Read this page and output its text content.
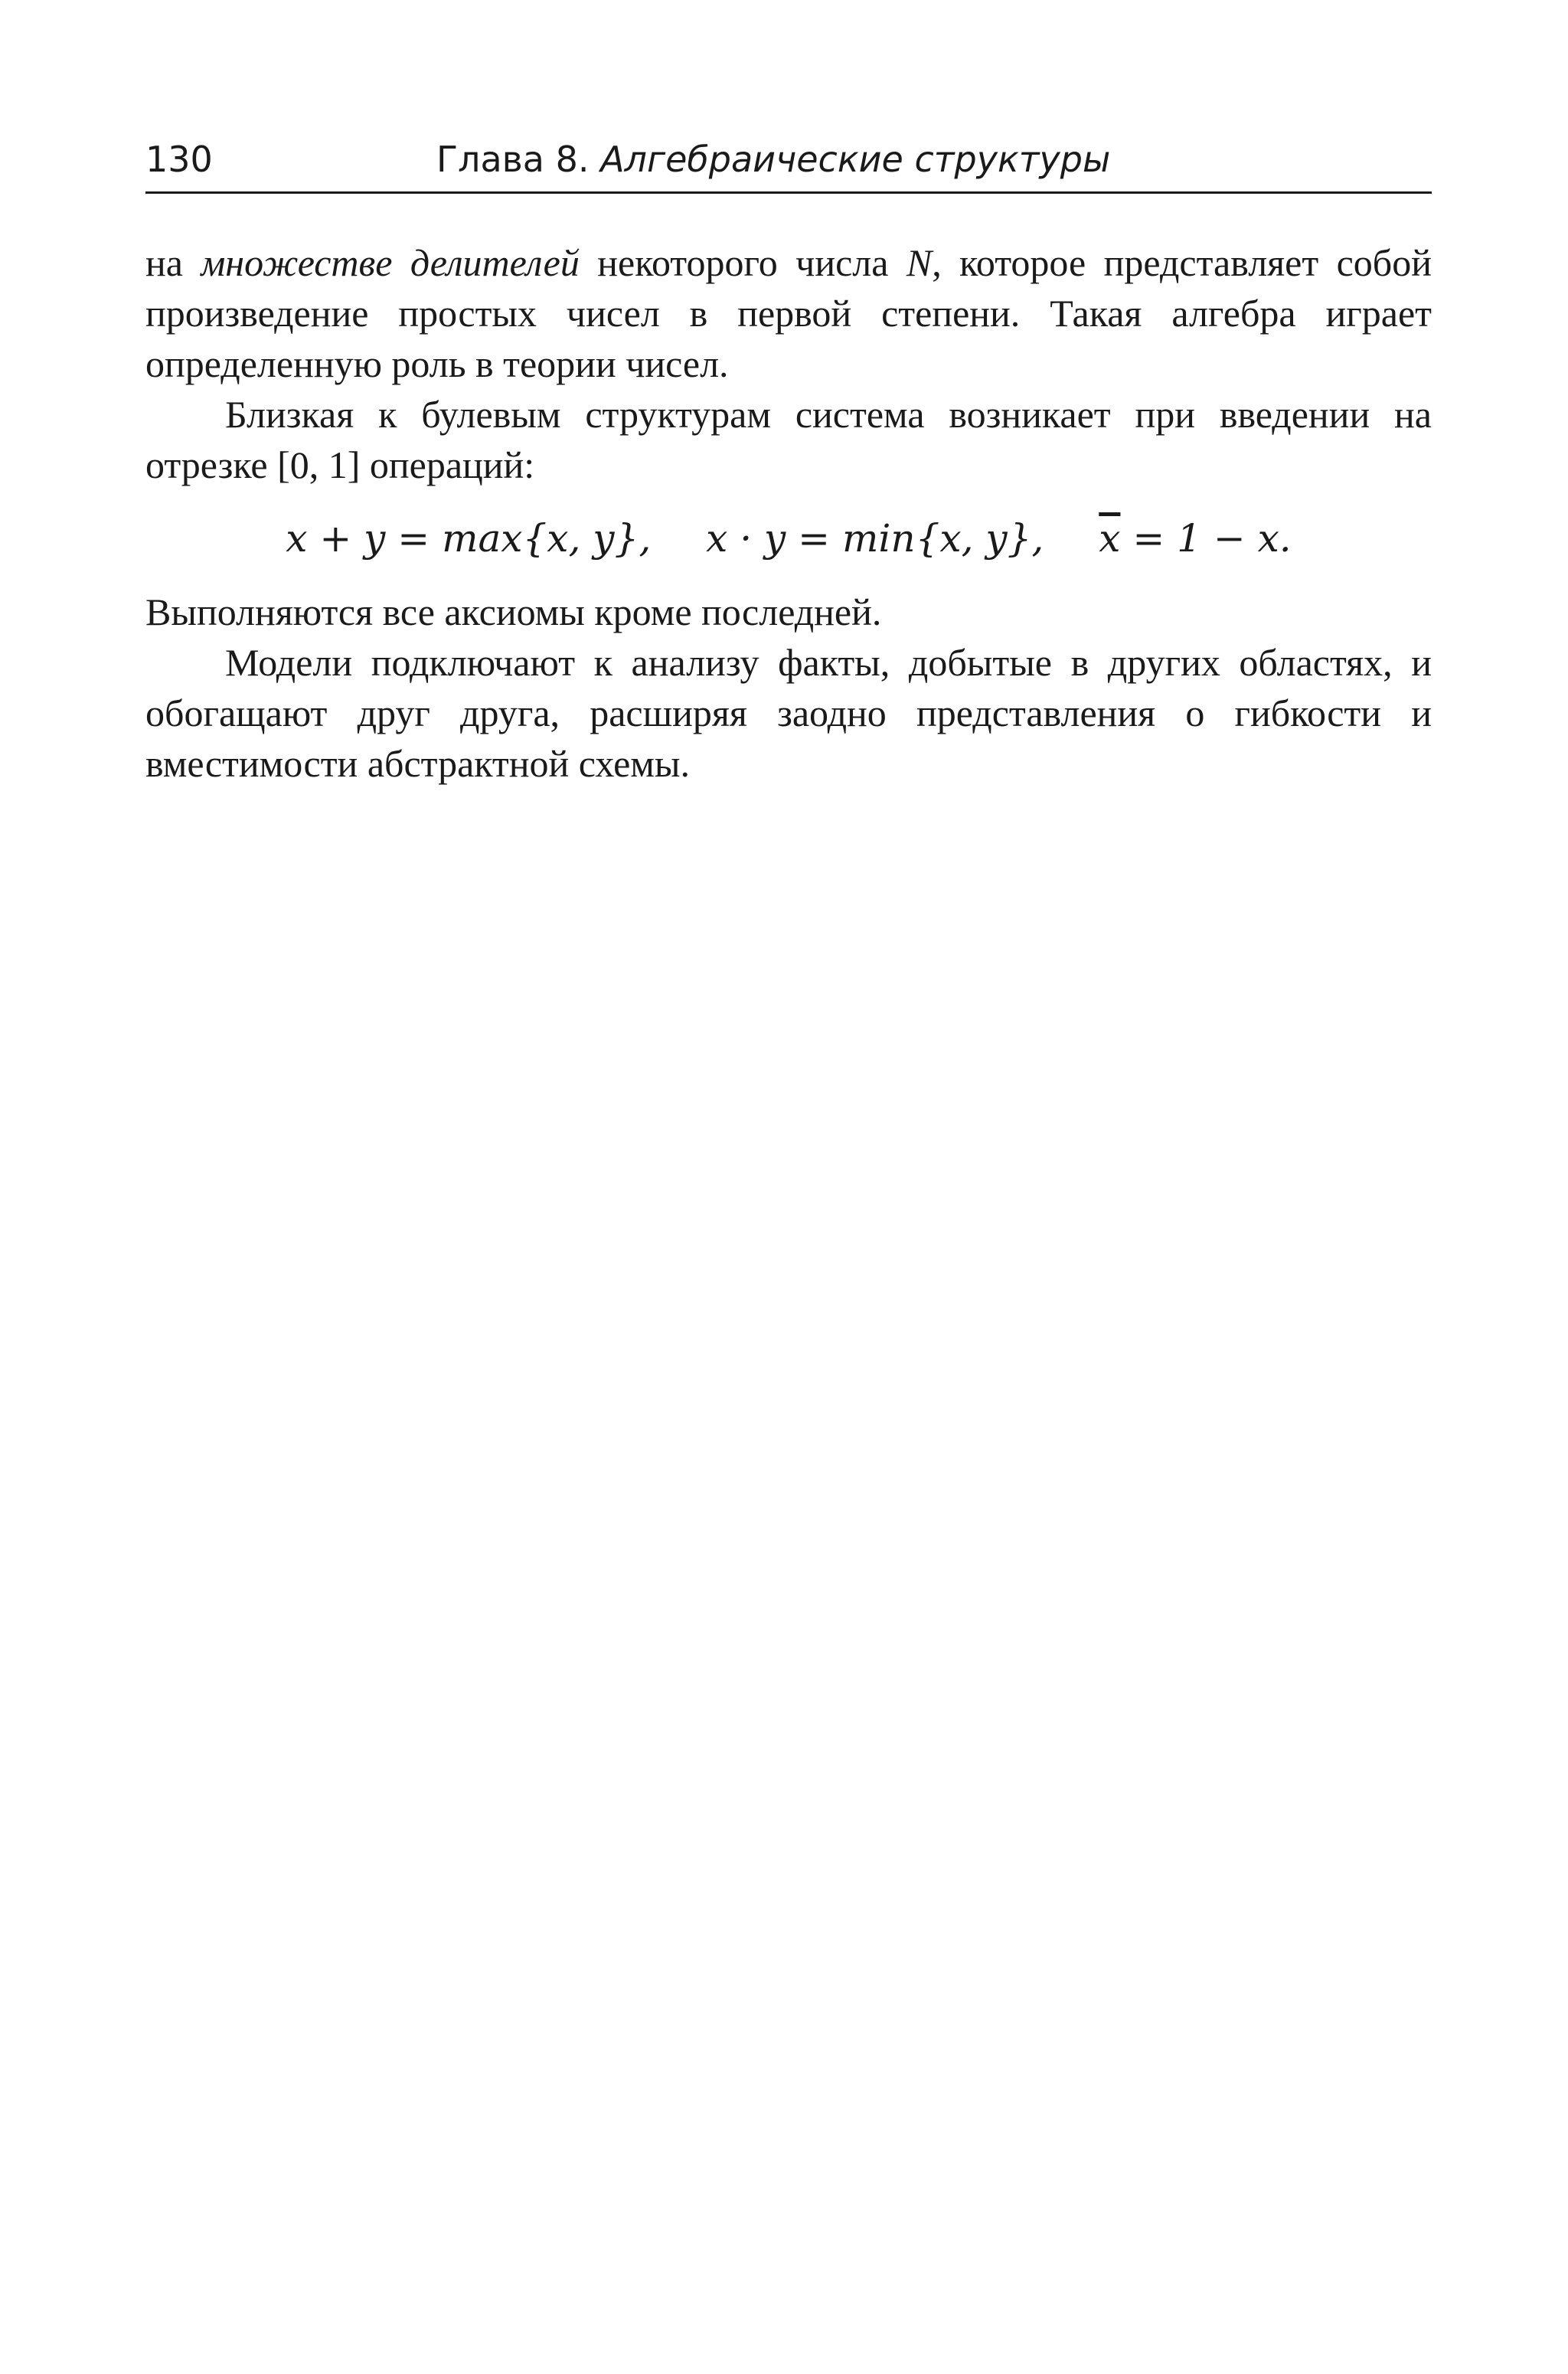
130	Глава 8. Алгебраические структуры

на множестве делителей некоторого числа N, которое представляет собой произведение простых чисел в первой степени. Такая алгебра играет определенную роль в теории чисел.

Близкая к булевым структурам система возникает при введении на отрезке [0, 1] операций:

x + y = max{x, y}, x · y = min{x, y}, $\overline{x} = 1 - x$.

Выполняются все аксиомы кроме последней.

Модели подключают к анализу факты, добытые в других областях, и обогащают друг друга, расширяя заодно представления о гибкости и вместимости абстрактной схемы.
